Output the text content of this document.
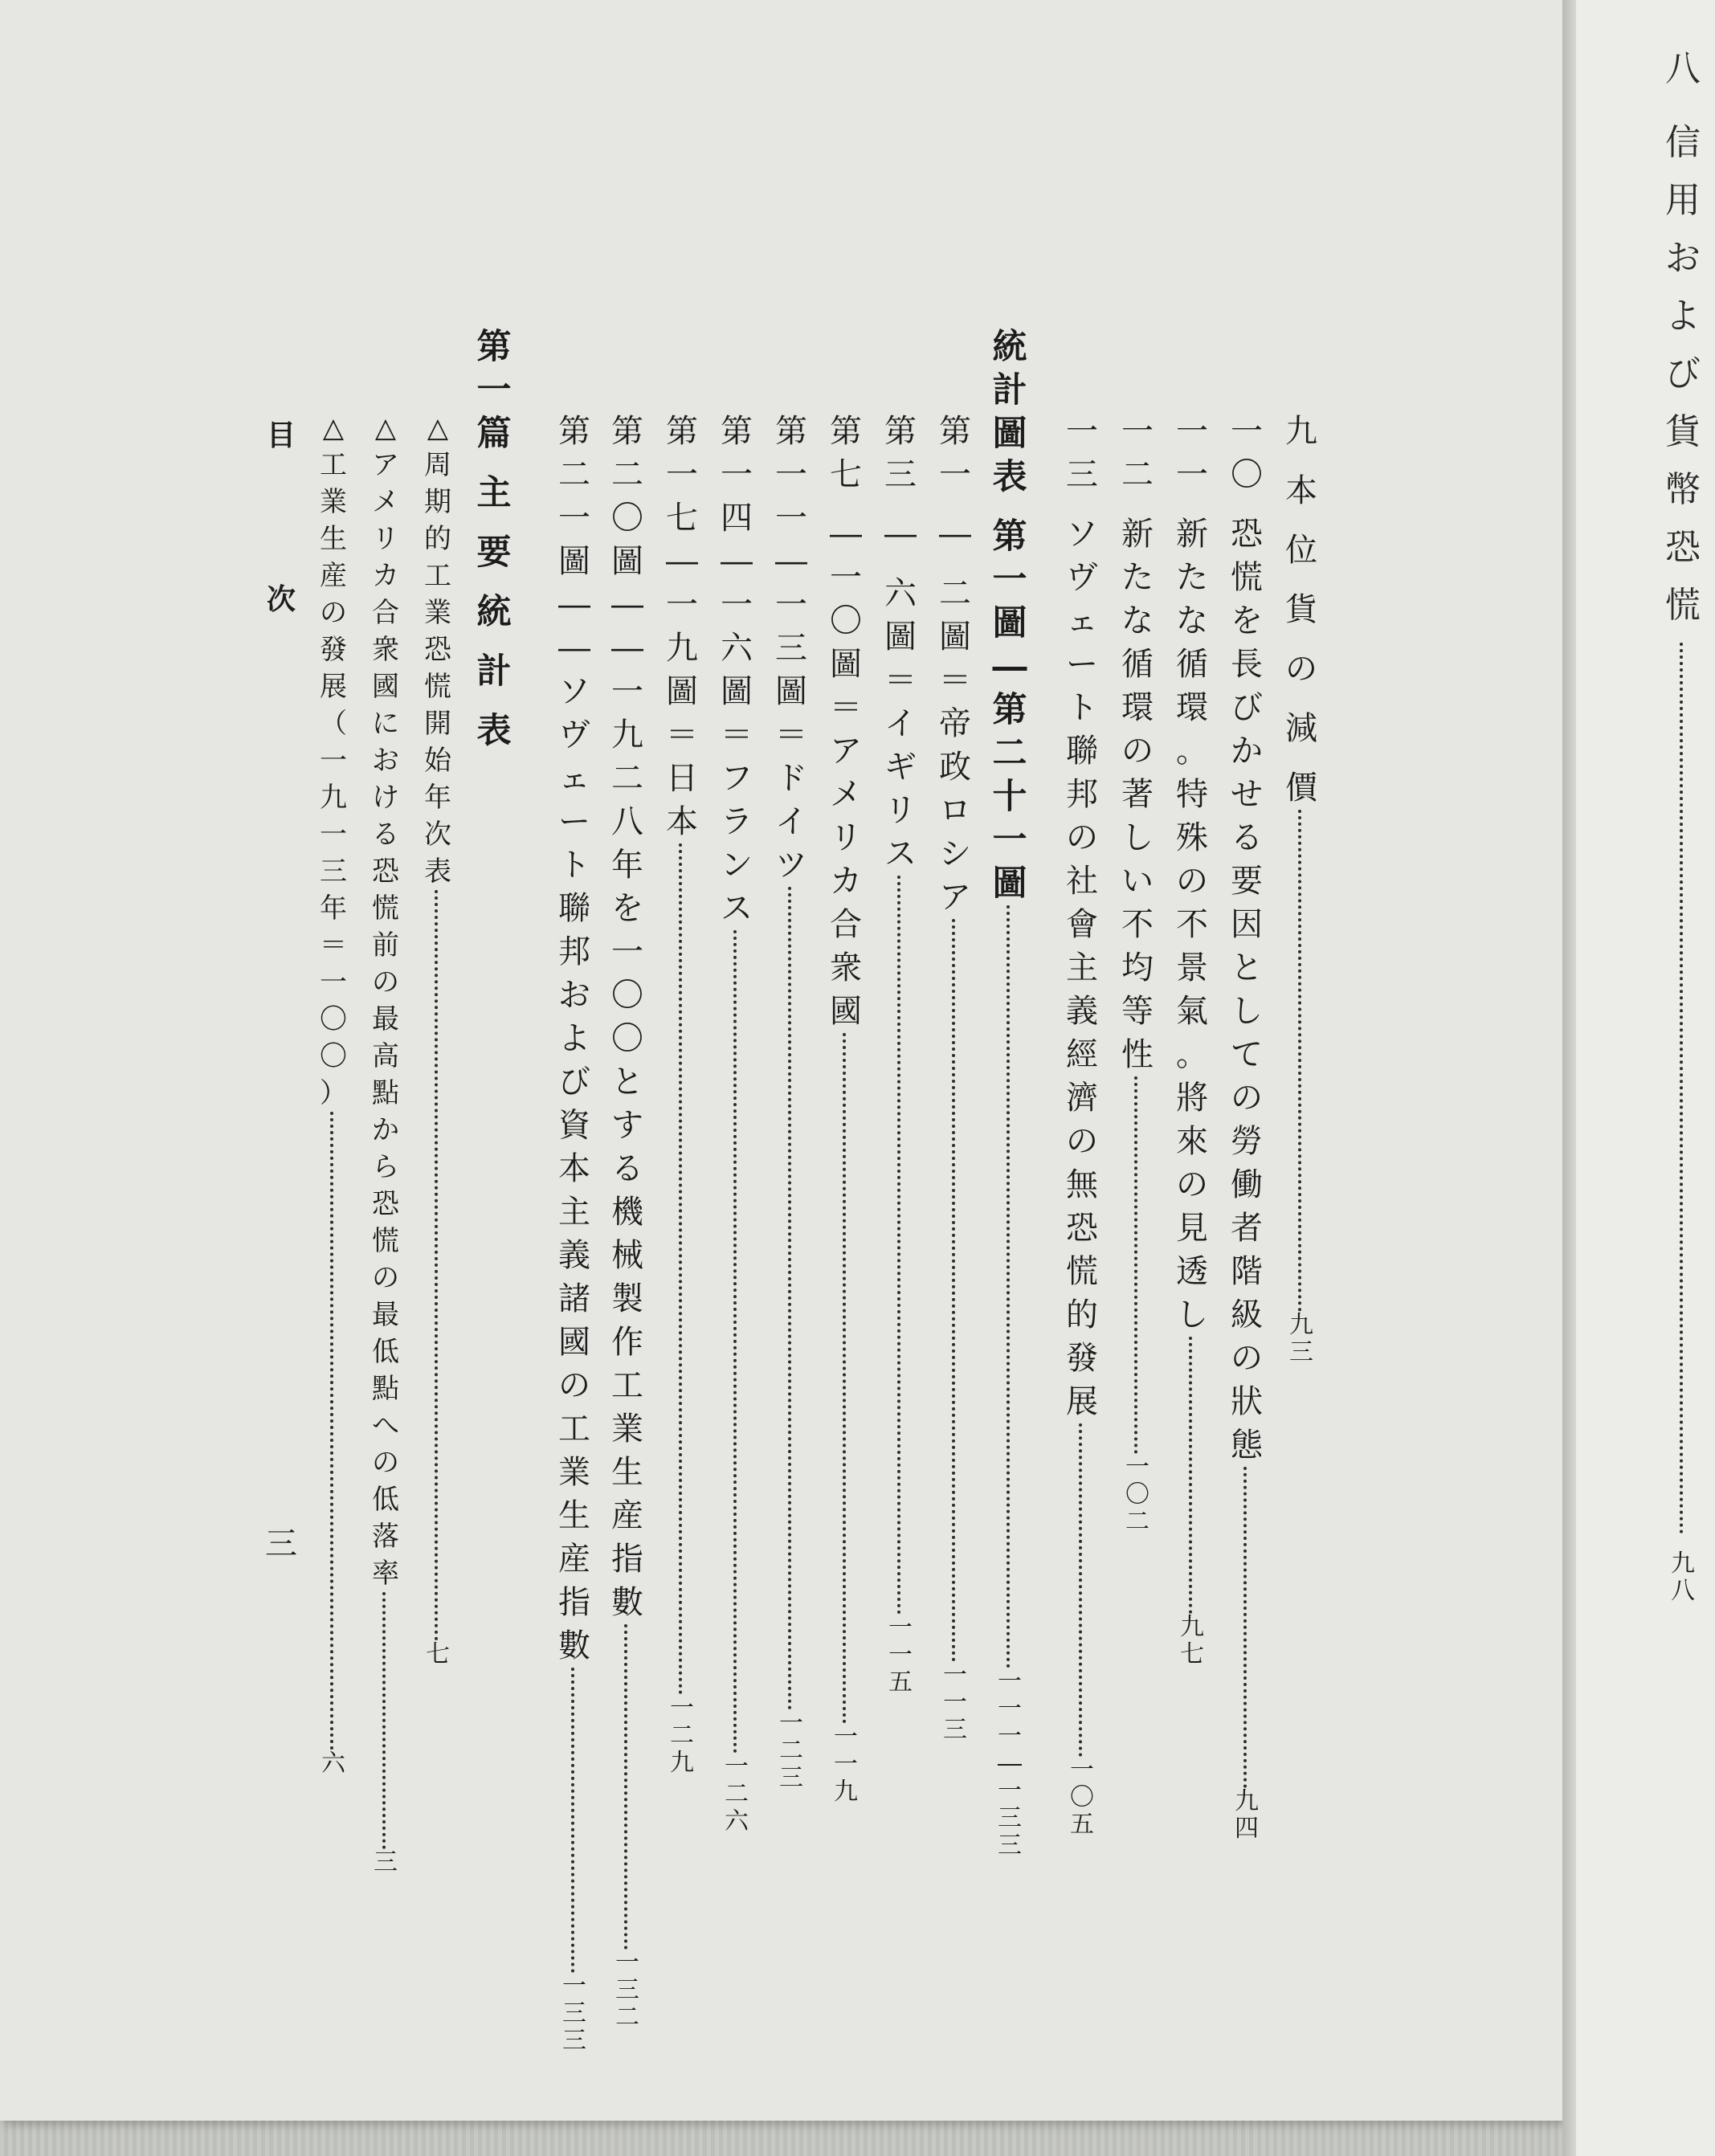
八
信
用
お
よ
び
貨
幣
恐
慌
九
八
九
本
位
貨
の
減
價
九
三
一
〇
恐
慌
を
長
び
か
せ
る
要
因
と
し
て
の
勞
働
者
階
級
の
狀
態
九
四
一
一
新
た
な
循
環
。
特
殊
の
不
景
氣
。
將
來
の
見
透
し
九
七
一
二
新
た
な
循
環
の
著
し
い
不
均
等
性
一
〇
二
一
三
ソ
ヴ
ェ
ー
ト
聯
邦
の
社
會
主
義
經
濟
の
無
恐
慌
的
發
展
一
〇
五
統
計
圖
表
第
一
圖
―
第
二
十
一
圖
一
一
一
―
一
三
三
第
一
―
二
圖
＝
帝
政
ロ
シ
ア
一
一
三
第
三
―
六
圖
＝
イ
ギ
リ
ス
一
一
五
第
七
―
一
〇
圖
＝
ア
メ
リ
カ
合
衆
國
一
一
九
第
一
一
―
一
三
圖
＝
ド
イ
ツ
一
二
三
第
一
四
―
一
六
圖
＝
フ
ラ
ン
ス
一
二
六
第
一
七
―
一
九
圖
＝
日
本
一
二
九
第
二
〇
圖
―
―
一
九
二
八
年
を
一
〇
〇
と
す
る
機
械
製
作
工
業
生
産
指
數
一
三
二
第
二
一
圖
―
―
ソ
ヴ
ェ
ー
ト
聯
邦
お
よ
び
資
本
主
義
諸
國
の
工
業
生
産
指
數
一
三
三
第
一
篇
主
要
統
計
表
△
周
期
的
工
業
恐
慌
開
始
年
次
表
七
△
ア
メ
リ
カ
合
衆
國
に
お
け
る
恐
慌
前
の
最
高
點
か
ら
恐
慌
の
最
低
點
へ
の
低
落
率
三
△
工
業
生
産
の
發
展
（
一
九
一
三
年
＝
一
〇
〇
）
六
目
次
三
